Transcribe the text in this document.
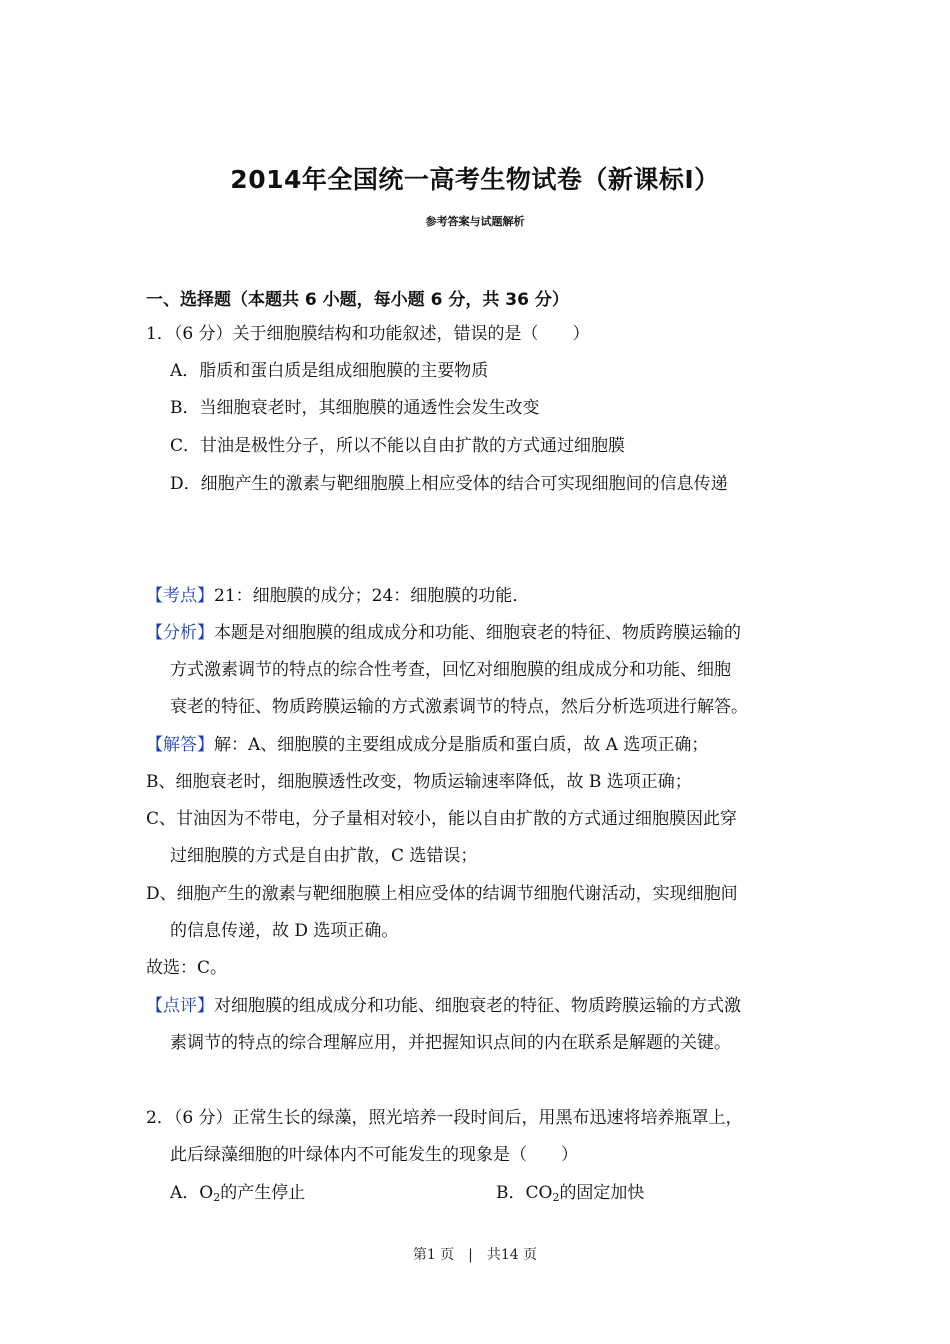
2014年全国统一高考生物试卷（新课标Ⅰ）
参考答案与试题解析
一、选择题（本题共 6 小题，每小题 6 分，共 36 分）
1．（6 分）关于细胞膜结构和功能叙述，错误的是（　　）
A．脂质和蛋白质是组成细胞膜的主要物质
B．当细胞衰老时，其细胞膜的通透性会发生改变
C．甘油是极性分子，所以不能以自由扩散的方式通过细胞膜
D．细胞产生的激素与靶细胞膜上相应受体的结合可实现细胞间的信息传递
【考点】21：细胞膜的成分；24：细胞膜的功能．
【分析】本题是对细胞膜的组成成分和功能、细胞衰老的特征、物质跨膜运输的
方式激素调节的特点的综合性考查，回忆对细胞膜的组成成分和功能、细胞
衰老的特征、物质跨膜运输的方式激素调节的特点，然后分析选项进行解答。
【解答】解：A、细胞膜的主要组成成分是脂质和蛋白质，故 A 选项正确；
B、细胞衰老时，细胞膜透性改变，物质运输速率降低，故 B 选项正确；
C、甘油因为不带电，分子量相对较小，能以自由扩散的方式通过细胞膜因此穿
过细胞膜的方式是自由扩散，C 选错误；
D、细胞产生的激素与靶细胞膜上相应受体的结调节细胞代谢活动，实现细胞间
的信息传递，故 D 选项正确。
故选：C。
【点评】对细胞膜的组成成分和功能、细胞衰老的特征、物质跨膜运输的方式激
素调节的特点的综合理解应用，并把握知识点间的内在联系是解题的关键。
2．（6 分）正常生长的绿藻，照光培养一段时间后，用黑布迅速将培养瓶罩上，
此后绿藻细胞的叶绿体内不可能发生的现象是（　　）
A．$O_2$的产生停止	B．$CO_2$的固定加快
第1 页　|　共14 页
